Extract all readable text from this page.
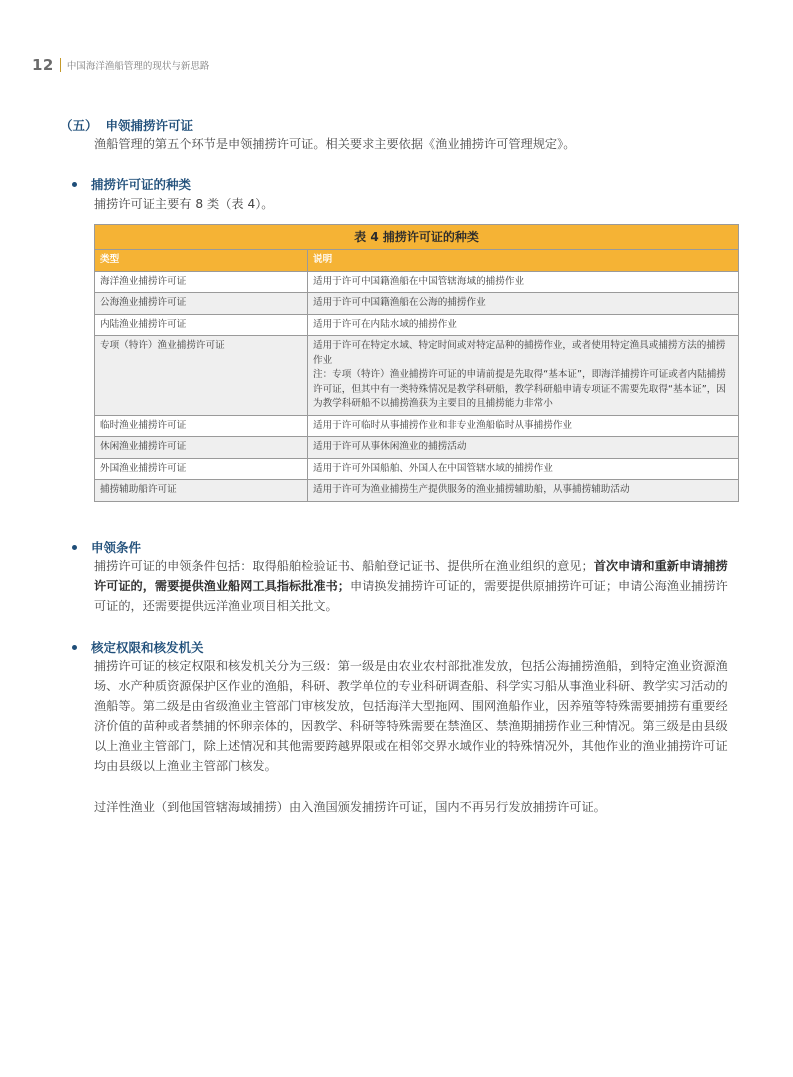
12 中国海洋渔船管理的现状与新思路
（五） 申领捕捞许可证
渔船管理的第五个环节是申领捕捞许可证。相关要求主要依据《渔业捕捞许可管理规定》。
捕捞许可证的种类
捕捞许可证主要有 8 类（表 4）。
表 4 捕捞许可证的种类
类型	说明
海洋渔业捕捞许可证	适用于许可中国籍渔船在中国管辖海域的捕捞作业
公海渔业捕捞许可证	适用于许可中国籍渔船在公海的捕捞作业
内陆渔业捕捞许可证	适用于许可在内陆水域的捕捞作业
专项（特许）渔业捕捞许可证	适用于许可在特定水域、特定时间或对特定品种的捕捞作业，或者使用特定渔具或捕捞方法的捕捞作业
注：专项（特许）渔业捕捞许可证的申请前提是先取得“基本证”，即海洋捕捞许可证或者内陆捕捞许可证，但其中有一类特殊情况是教学科研船，教学科研船申请专项证不需要先取得“基本证”，因为教学科研船不以捕捞渔获为主要目的且捕捞能力非常小
临时渔业捕捞许可证	适用于许可临时从事捕捞作业和非专业渔船临时从事捕捞作业
休闲渔业捕捞许可证	适用于许可从事休闲渔业的捕捞活动
外国渔业捕捞许可证	适用于许可外国船舶、外国人在中国管辖水域的捕捞作业
捕捞辅助船许可证	适用于许可为渔业捕捞生产提供服务的渔业捕捞辅助船，从事捕捞辅助活动
申领条件
捕捞许可证的申领条件包括：取得船舶检验证书、船舶登记证书、提供所在渔业组织的意见；首次申请和重新申请捕捞许可证的，需要提供渔业船网工具指标批准书；申请换发捕捞许可证的，需要提供原捕捞许可证；申请公海渔业捕捞许可证的，还需要提供远洋渔业项目相关批文。
核定权限和核发机关
捕捞许可证的核定权限和核发机关分为三级：第一级是由农业农村部批准发放，包括公海捕捞渔船，到特定渔业资源渔场、水产种质资源保护区作业的渔船，科研、教学单位的专业科研调查船、科学实习船从事渔业科研、教学实习活动的渔船等。第二级是由省级渔业主管部门审核发放，包括海洋大型拖网、围网渔船作业，因养殖等特殊需要捕捞有重要经济价值的苗种或者禁捕的怀卵亲体的，因教学、科研等特殊需要在禁渔区、禁渔期捕捞作业三种情况。第三级是由县级以上渔业主管部门，除上述情况和其他需要跨越界限或在相邻交界水域作业的特殊情况外，其他作业的渔业捕捞许可证均由县级以上渔业主管部门核发。
过洋性渔业（到他国管辖海域捕捞）由入渔国颁发捕捞许可证，国内不再另行发放捕捞许可证。
